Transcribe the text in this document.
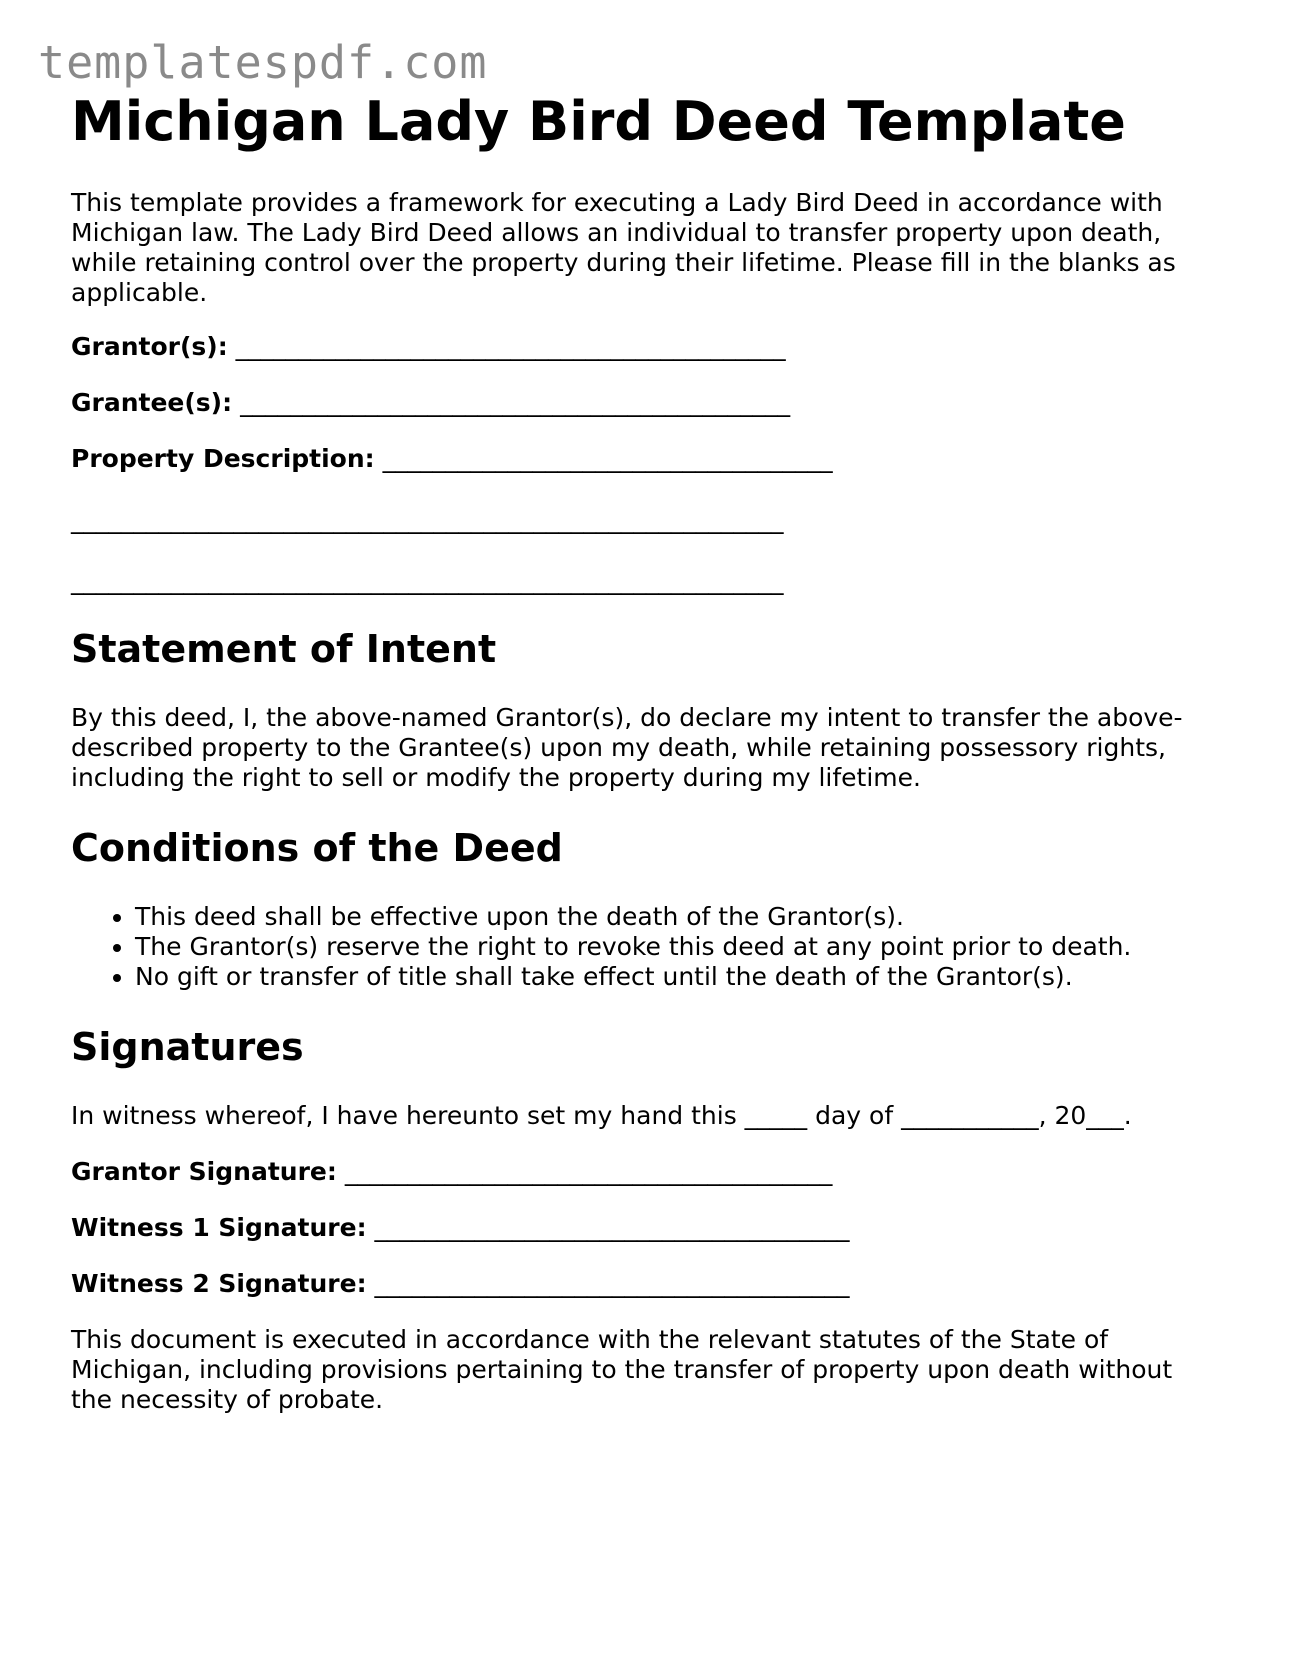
templatespdf.com
Michigan Lady Bird Deed Template

This template provides a framework for executing a Lady Bird Deed in accordance with Michigan law. The Lady Bird Deed allows an individual to transfer property upon death, while retaining control over the property during their lifetime. Please fill in the blanks as applicable.

Grantor(s): ____________________________________________
Grantee(s): ____________________________________________
Property Description: ____________________________________
_________________________________________________________
_________________________________________________________
Statement of Intent

By this deed, I, the above-named Grantor(s), do declare my intent to transfer the above-described property to the Grantee(s) upon my death, while retaining possessory rights, including the right to sell or modify the property during my lifetime.

Conditions of the Deed
• This deed shall be effective upon the death of the Grantor(s).
• The Grantor(s) reserve the right to revoke this deed at any point prior to death.
• No gift or transfer of title shall take effect until the death of the Grantor(s).
Signatures

In witness whereof, I have hereunto set my hand this _____ day of ___________, 20___.

Grantor Signature: _______________________________________
Witness 1 Signature: ______________________________________
Witness 2 Signature: ______________________________________

This document is executed in accordance with the relevant statutes of the State of Michigan, including provisions pertaining to the transfer of property upon death without the necessity of probate.
